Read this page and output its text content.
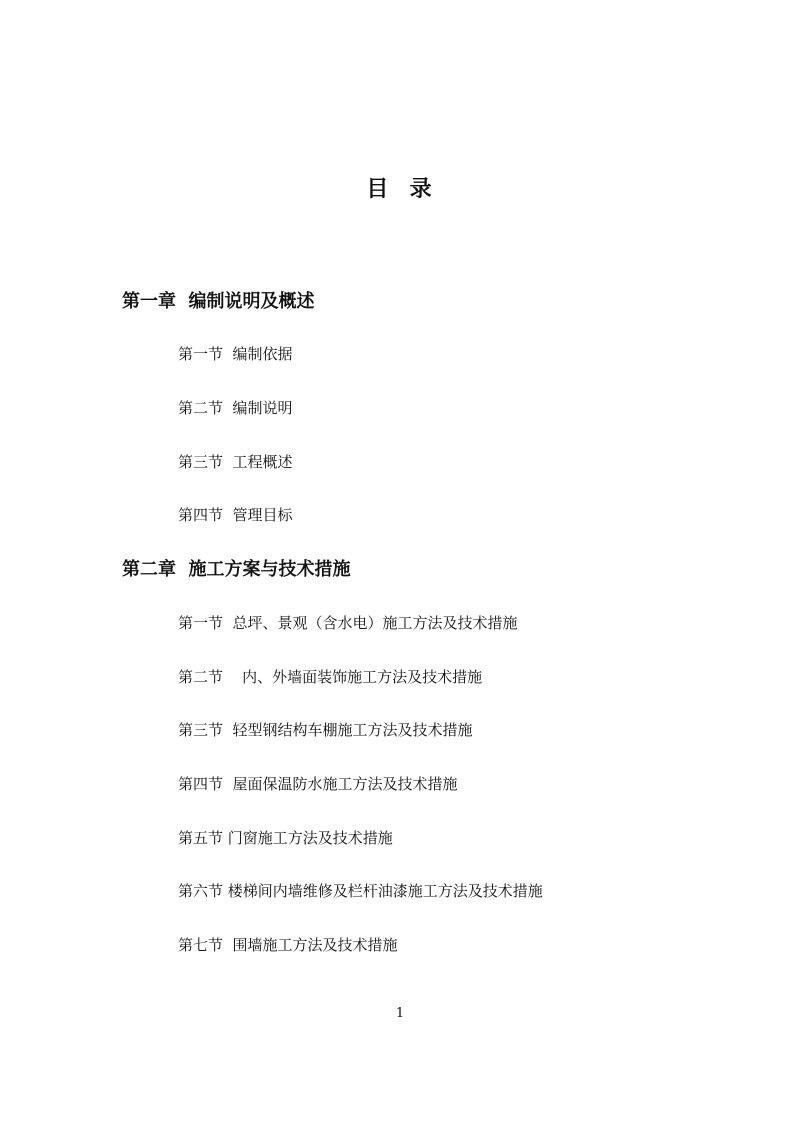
目  录
第一章  编制说明及概述
第一节  编制依据
第二节  编制说明
第三节  工程概述
第四节  管理目标
第二章  施工方案与技术措施
第一节  总坪、景观（含水电）施工方法及技术措施
第二节    内、外墙面装饰施工方法及技术措施
第三节  轻型钢结构车棚施工方法及技术措施
第四节  屋面保温防水施工方法及技术措施
第五节 门窗施工方法及技术措施
第六节 楼梯间内墙维修及栏杆油漆施工方法及技术措施
第七节  围墙施工方法及技术措施
1
